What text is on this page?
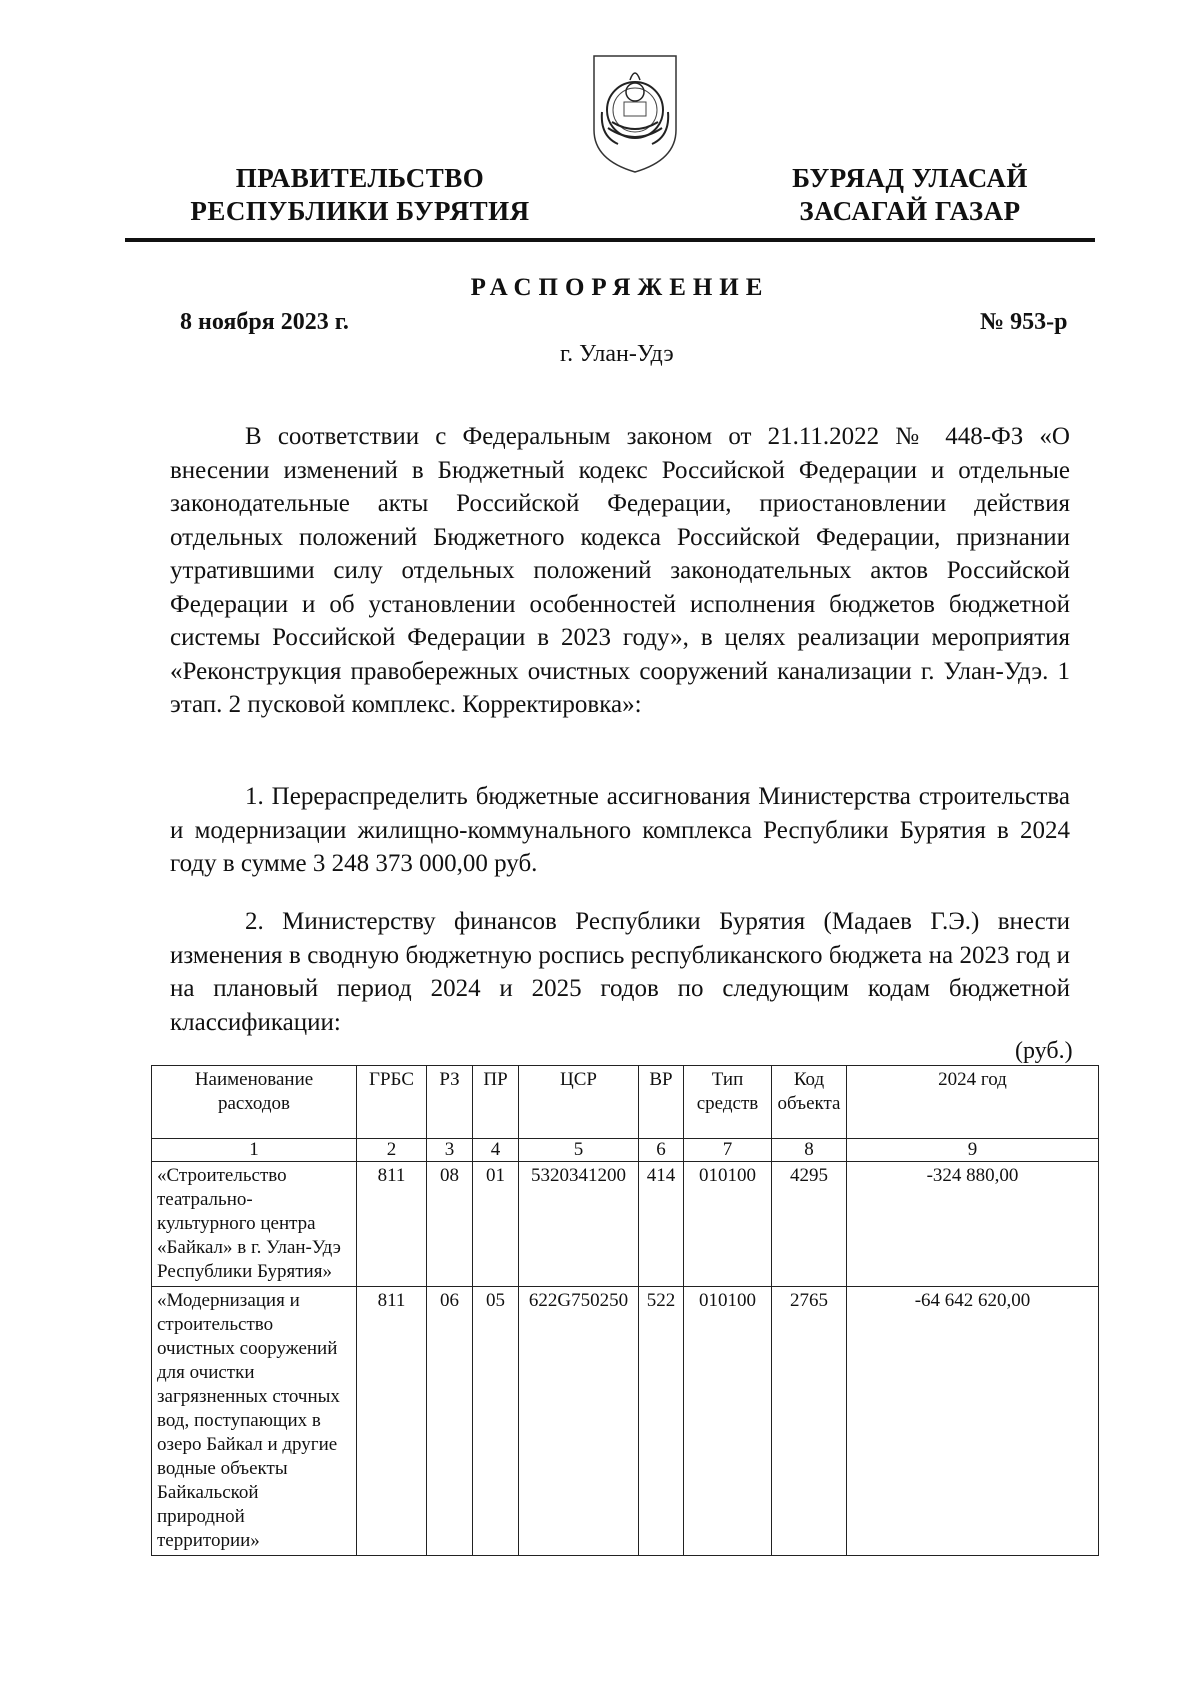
ПРАВИТЕЛЬСТВО
РЕСПУБЛИКИ БУРЯТИЯ
БУРЯАД УЛАСАЙ
ЗАСАГАЙ ГАЗАР
РАСПОРЯЖЕНИЕ
8 ноября 2023 г.	№ 953-р
г. Улан-Удэ

В соответствии с Федеральным законом от 21.11.2022 № 448-ФЗ «О внесении изменений в Бюджетный кодекс Российской Федерации и отдельные законодательные акты Российской Федерации, приостановлении действия отдельных положений Бюджетного кодекса Российской Федерации, признании утратившими силу отдельных положений законодательных актов Российской Федерации и об установлении особенностей исполнения бюджетов бюджетной системы Российской Федерации в 2023 году», в целях реализации мероприятия «Реконструкция правобережных очистных сооружений канализации г. Улан-Удэ. 1 этап. 2 пусковой комплекс. Корректировка»:

1. Перераспределить бюджетные ассигнования Министерства строительства и модернизации жилищно-коммунального комплекса Республики Бурятия в 2024 году в сумме 3 248 373 000,00 руб.

2. Министерству финансов Республики Бурятия (Мадаев Г.Э.) внести изменения в сводную бюджетную роспись республиканского бюджета на 2023 год и на плановый период 2024 и 2025 годов по следующим кодам бюджетной классификации:

(руб.)
Наименование расходов	ГРБС	РЗ	ПР	ЦСР	ВР	Тип средств	Код объекта	2024 год
1	2	3	4	5	6	7	8	9
«Строительство театрально-культурного центра «Байкал» в г. Улан-Удэ Республики Бурятия»	811	08	01	5320341200	414	010100	4295	-324 880,00
«Модернизация и строительство очистных сооружений для очистки загрязненных сточных вод, поступающих в озеро Байкал и другие водные объекты Байкальской природной территории»	811	06	05	622G750250	522	010100	2765	-64 642 620,00
